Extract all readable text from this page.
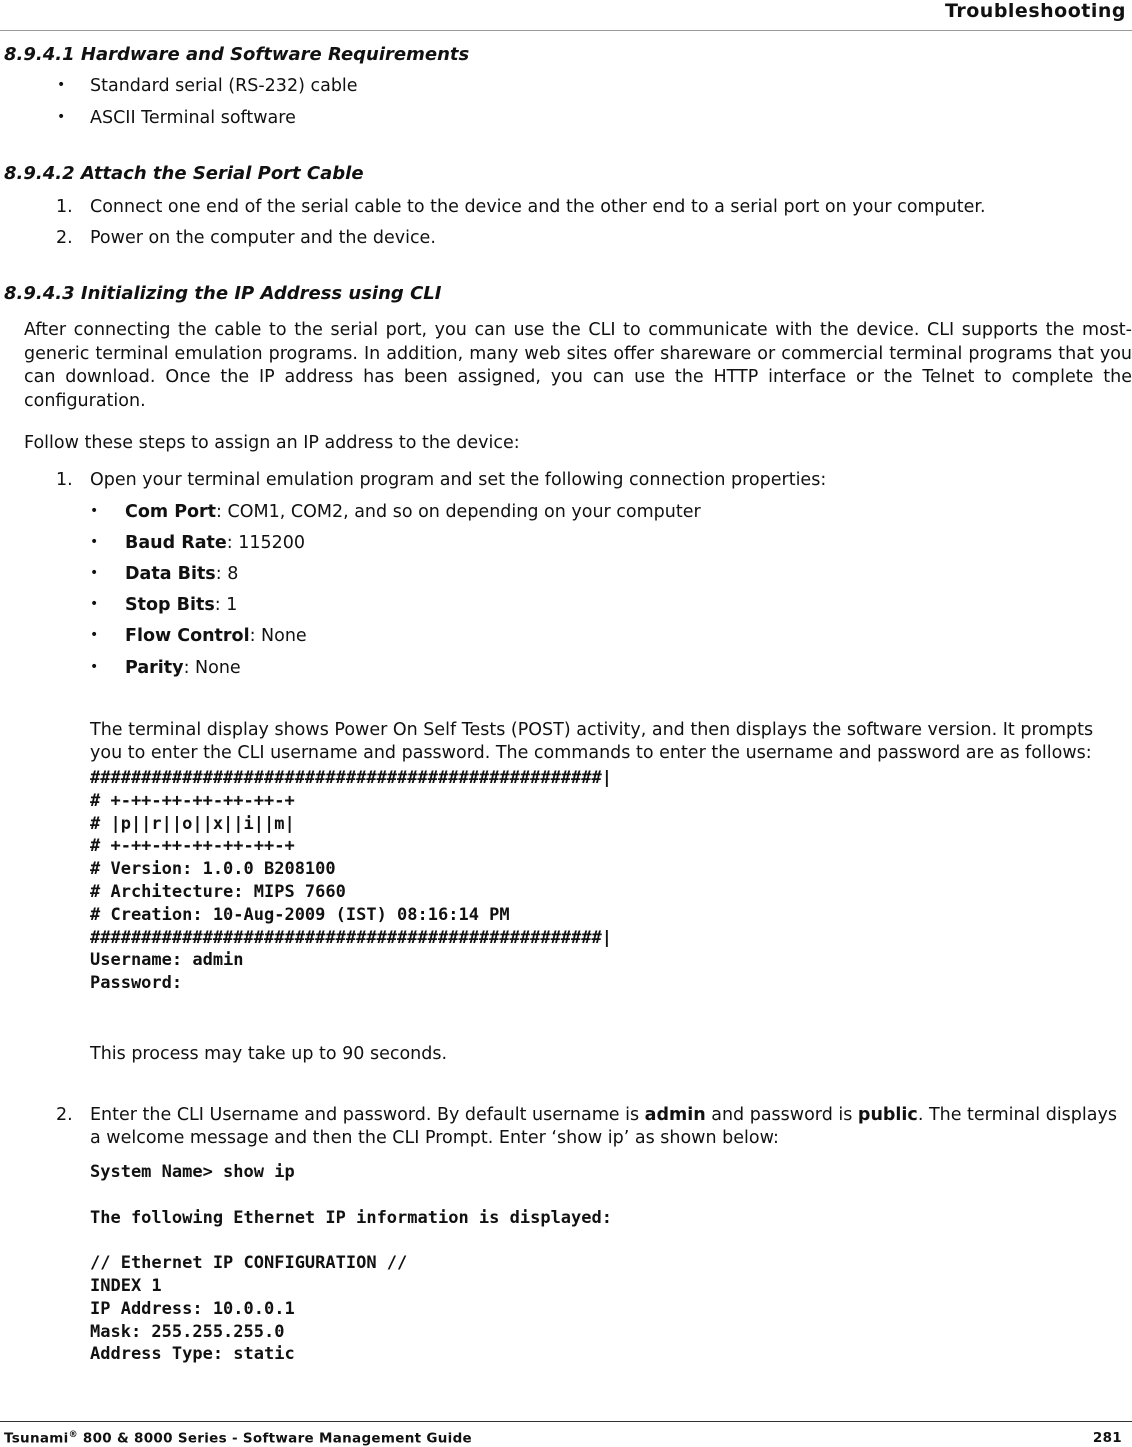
Troubleshooting
8.9.4.1 Hardware and Software Requirements
• Standard serial (RS-232) cable
• ASCII Terminal software
8.9.4.2 Attach the Serial Port Cable
1. Connect one end of the serial cable to the device and the other end to a serial port on your computer.
2. Power on the computer and the device.
8.9.4.3 Initializing the IP Address using CLI
After connecting the cable to the serial port, you can use the CLI to communicate with the device. CLI supports the most-generic terminal emulation programs. In addition, many web sites offer shareware or commercial terminal programs that you can download. Once the IP address has been assigned, you can use the HTTP interface or the Telnet to complete the configuration.
Follow these steps to assign an IP address to the device:
1. Open your terminal emulation program and set the following connection properties:
• Com Port: COM1, COM2, and so on depending on your computer
• Baud Rate: 115200
• Data Bits: 8
• Stop Bits: 1
• Flow Control: None
• Parity: None
The terminal display shows Power On Self Tests (POST) activity, and then displays the software version. It prompts you to enter the CLI username and password. The commands to enter the username and password are as follows:
##################################################|
# +-++-++-++-++-++-+
# |p||r||o||x||i||m|
# +-++-++-++-++-++-+
# Version: 1.0.0 B208100
# Architecture: MIPS 7660
# Creation: 10-Aug-2009 (IST) 08:16:14 PM
##################################################|
Username: admin
Password:
This process may take up to 90 seconds.
2. Enter the CLI Username and password. By default username is admin and password is public. The terminal displays a welcome message and then the CLI Prompt. Enter ‘show ip’ as shown below:
System Name> show ip

The following Ethernet IP information is displayed:

// Ethernet IP CONFIGURATION //
INDEX 1
IP Address: 10.0.0.1
Mask: 255.255.255.0
Address Type: static
Tsunami® 800 & 8000 Series - Software Management Guide	281
